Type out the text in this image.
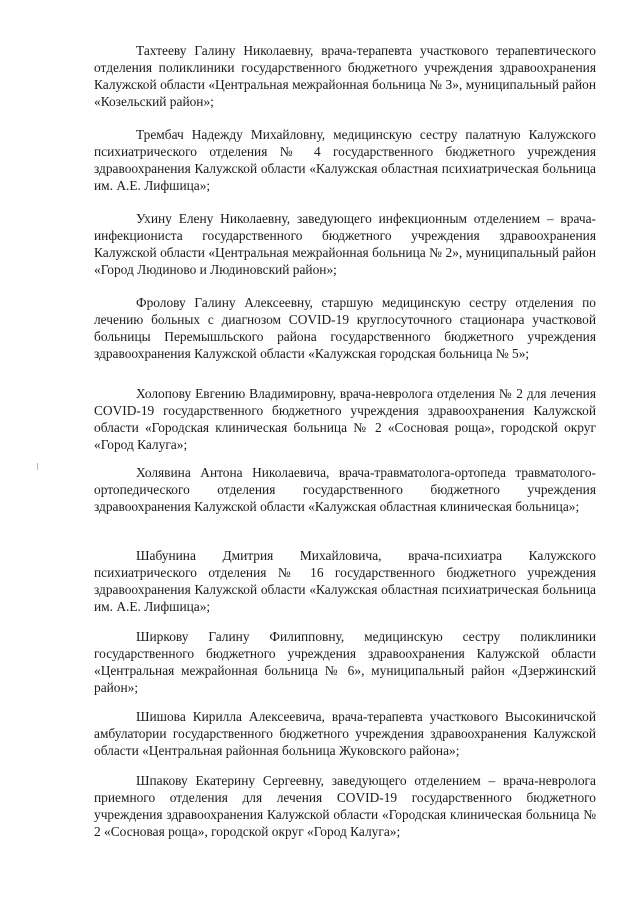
Тахтееву Галину Николаевну, врача-терапевта участкового терапевтического отделения поликлиники государственного бюджетного учреждения здравоохранения Калужской области «Центральная межрайонная больница № 3», муниципальный район «Козельский район»;

Трембач Надежду Михайловну, медицинскую сестру палатную Калужского психиатрического отделения № 4 государственного бюджетного учреждения здравоохранения Калужской области «Калужская областная психиатрическая больница им. А.Е. Лифшица»;

Ухину Елену Николаевну, заведующего инфекционным отделением – врача-инфекциониста государственного бюджетного учреждения здравоохранения Калужской области «Центральная межрайонная больница № 2», муниципальный район «Город Людиново и Людиновский район»;

Фролову Галину Алексеевну, старшую медицинскую сестру отделения по лечению больных с диагнозом COVID-19 круглосуточного стационара участковой больницы Перемышльского района государственного бюджетного учреждения здравоохранения Калужской области «Калужская городская больница № 5»;

Холопову Евгению Владимировну, врача-невролога отделения № 2 для лечения COVID-19 государственного бюджетного учреждения здравоохранения Калужской области «Городская клиническая больница № 2 «Сосновая роща», городской округ «Город Калуга»;

Холявина Антона Николаевича, врача-травматолога-ортопеда травматолого-ортопедического отделения государственного бюджетного учреждения здравоохранения Калужской области «Калужская областная клиническая больница»;

Шабунина Дмитрия Михайловича, врача-психиатра Калужского психиатрического отделения № 16 государственного бюджетного учреждения здравоохранения Калужской области «Калужская областная психиатрическая больница им. А.Е. Лифшица»;

Ширкову Галину Филипповну, медицинскую сестру поликлиники государственного бюджетного учреждения здравоохранения Калужской области «Центральная межрайонная больница № 6», муниципальный район «Дзержинский район»;

Шишова Кирилла Алексеевича, врача-терапевта участкового Высокиничской амбулатории государственного бюджетного учреждения здравоохранения Калужской области «Центральная районная больница Жуковского района»;

Шпакову Екатерину Сергеевну, заведующего отделением – врача-невролога приемного отделения для лечения COVID-19 государственного бюджетного учреждения здравоохранения Калужской области «Городская клиническая больница № 2 «Сосновая роща», городской округ «Город Калуга»;
